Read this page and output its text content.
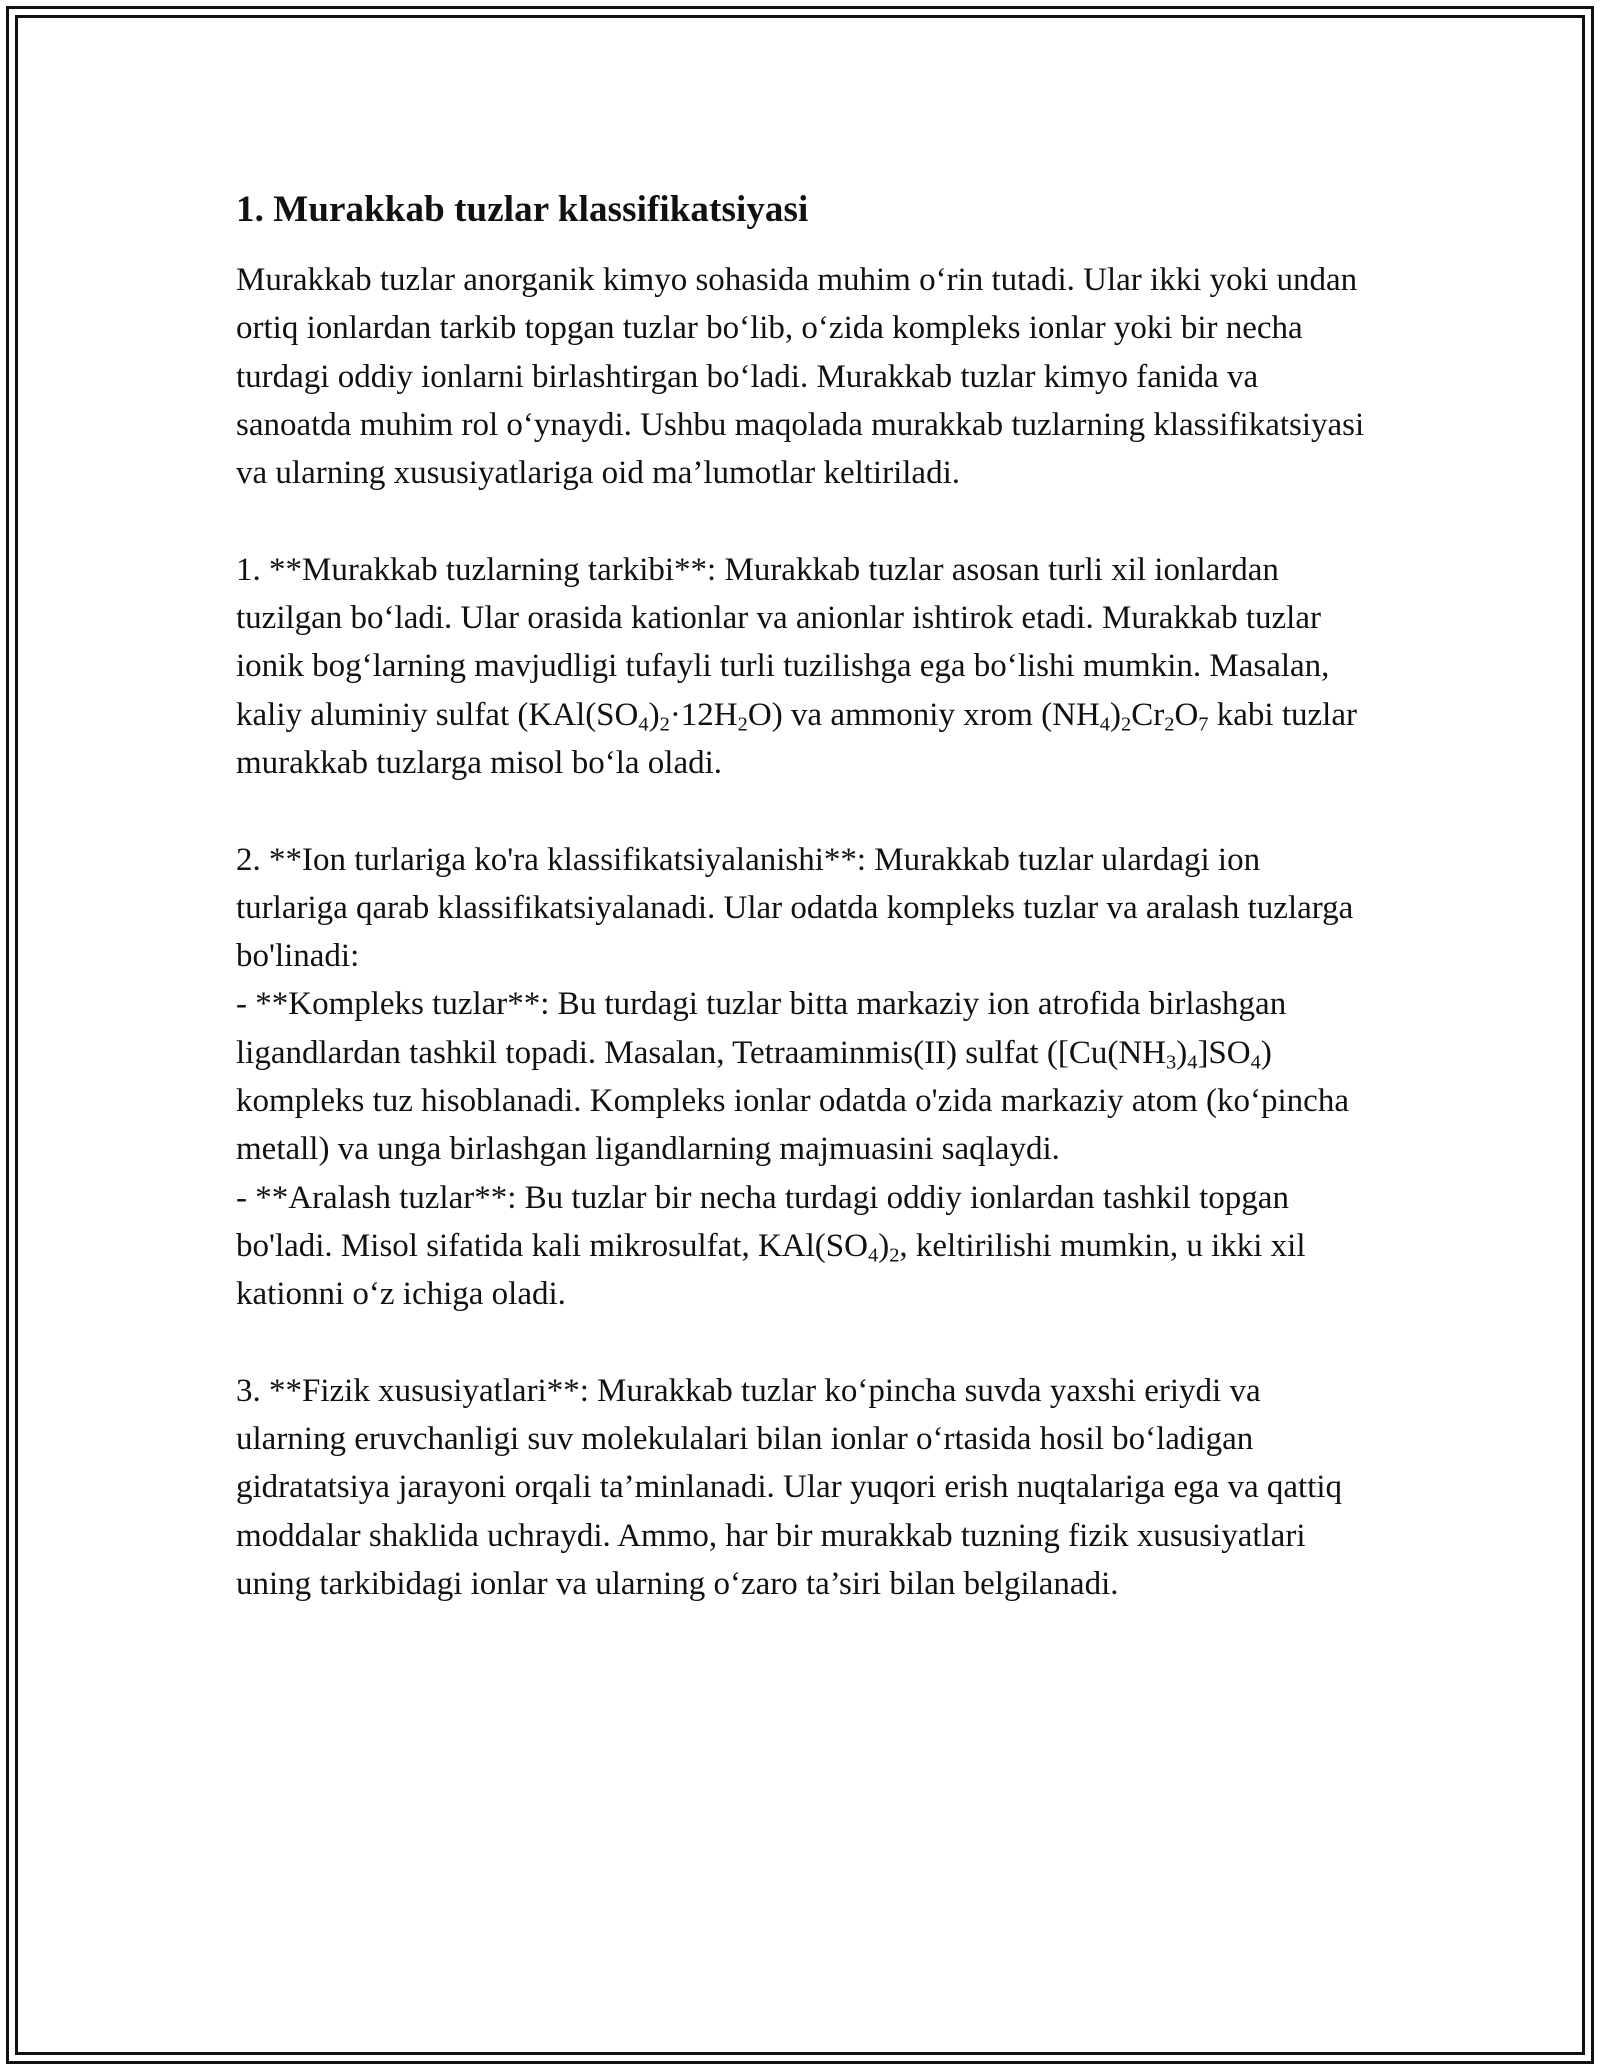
1. Murakkab tuzlar klassifikatsiyasi

Murakkab tuzlar anorganik kimyo sohasida muhim o‘rin tutadi. Ular ikki yoki undan ortiq ionlardan tarkib topgan tuzlar bo‘lib, o‘zida kompleks ionlar yoki bir necha turdagi oddiy ionlarni birlashtirgan bo‘ladi. Murakkab tuzlar kimyo fanida va sanoatda muhim rol o‘ynaydi. Ushbu maqolada murakkab tuzlarning klassifikatsiyasi va ularning xususiyatlariga oid ma’lumotlar keltiriladi.

1. **Murakkab tuzlarning tarkibi**: Murakkab tuzlar asosan turli xil ionlardan tuzilgan bo‘ladi. Ular orasida kationlar va anionlar ishtirok etadi. Murakkab tuzlar ionik bog‘larning mavjudligi tufayli turli tuzilishga ega bo‘lishi mumkin. Masalan, kaliy aluminiy sulfat $(KAl(SO_4)_2\cdot 12H_2O)$ va ammoniy xrom $(NH_4)_2Cr_2O_7$ kabi tuzlar murakkab tuzlarga misol bo‘la oladi.

2. **Ion turlariga ko'ra klassifikatsiyalanishi**: Murakkab tuzlar ulardagi ion turlariga qarab klassifikatsiyalanadi. Ular odatda kompleks tuzlar va aralash tuzlarga bo'linadi:

- **Kompleks tuzlar**: Bu turdagi tuzlar bitta markaziy ion atrofida birlashgan ligandlardan tashkil topadi. Masalan, Tetraaminmis(II) sulfat $([Cu(NH_3)_4]SO_4)$ kompleks tuz hisoblanadi. Kompleks ionlar odatda o'zida markaziy atom (ko‘pincha metall) va unga birlashgan ligandlarning majmuasini saqlaydi.

- **Aralash tuzlar**: Bu tuzlar bir necha turdagi oddiy ionlardan tashkil topgan bo'ladi. Misol sifatida kali mikrosulfat, $KAl(SO_4)_2$, keltirilishi mumkin, u ikki xil kationni o‘z ichiga oladi.

3. **Fizik xususiyatlari**: Murakkab tuzlar ko‘pincha suvda yaxshi eriydi va ularning eruvchanligi suv molekulalari bilan ionlar o‘rtasida hosil bo‘ladigan gidratatsiya jarayoni orqali ta’minlanadi. Ular yuqori erish nuqtalariga ega va qattiq moddalar shaklida uchraydi. Ammo, har bir murakkab tuzning fizik xususiyatlari uning tarkibidagi ionlar va ularning o‘zaro ta’siri bilan belgilanadi.
